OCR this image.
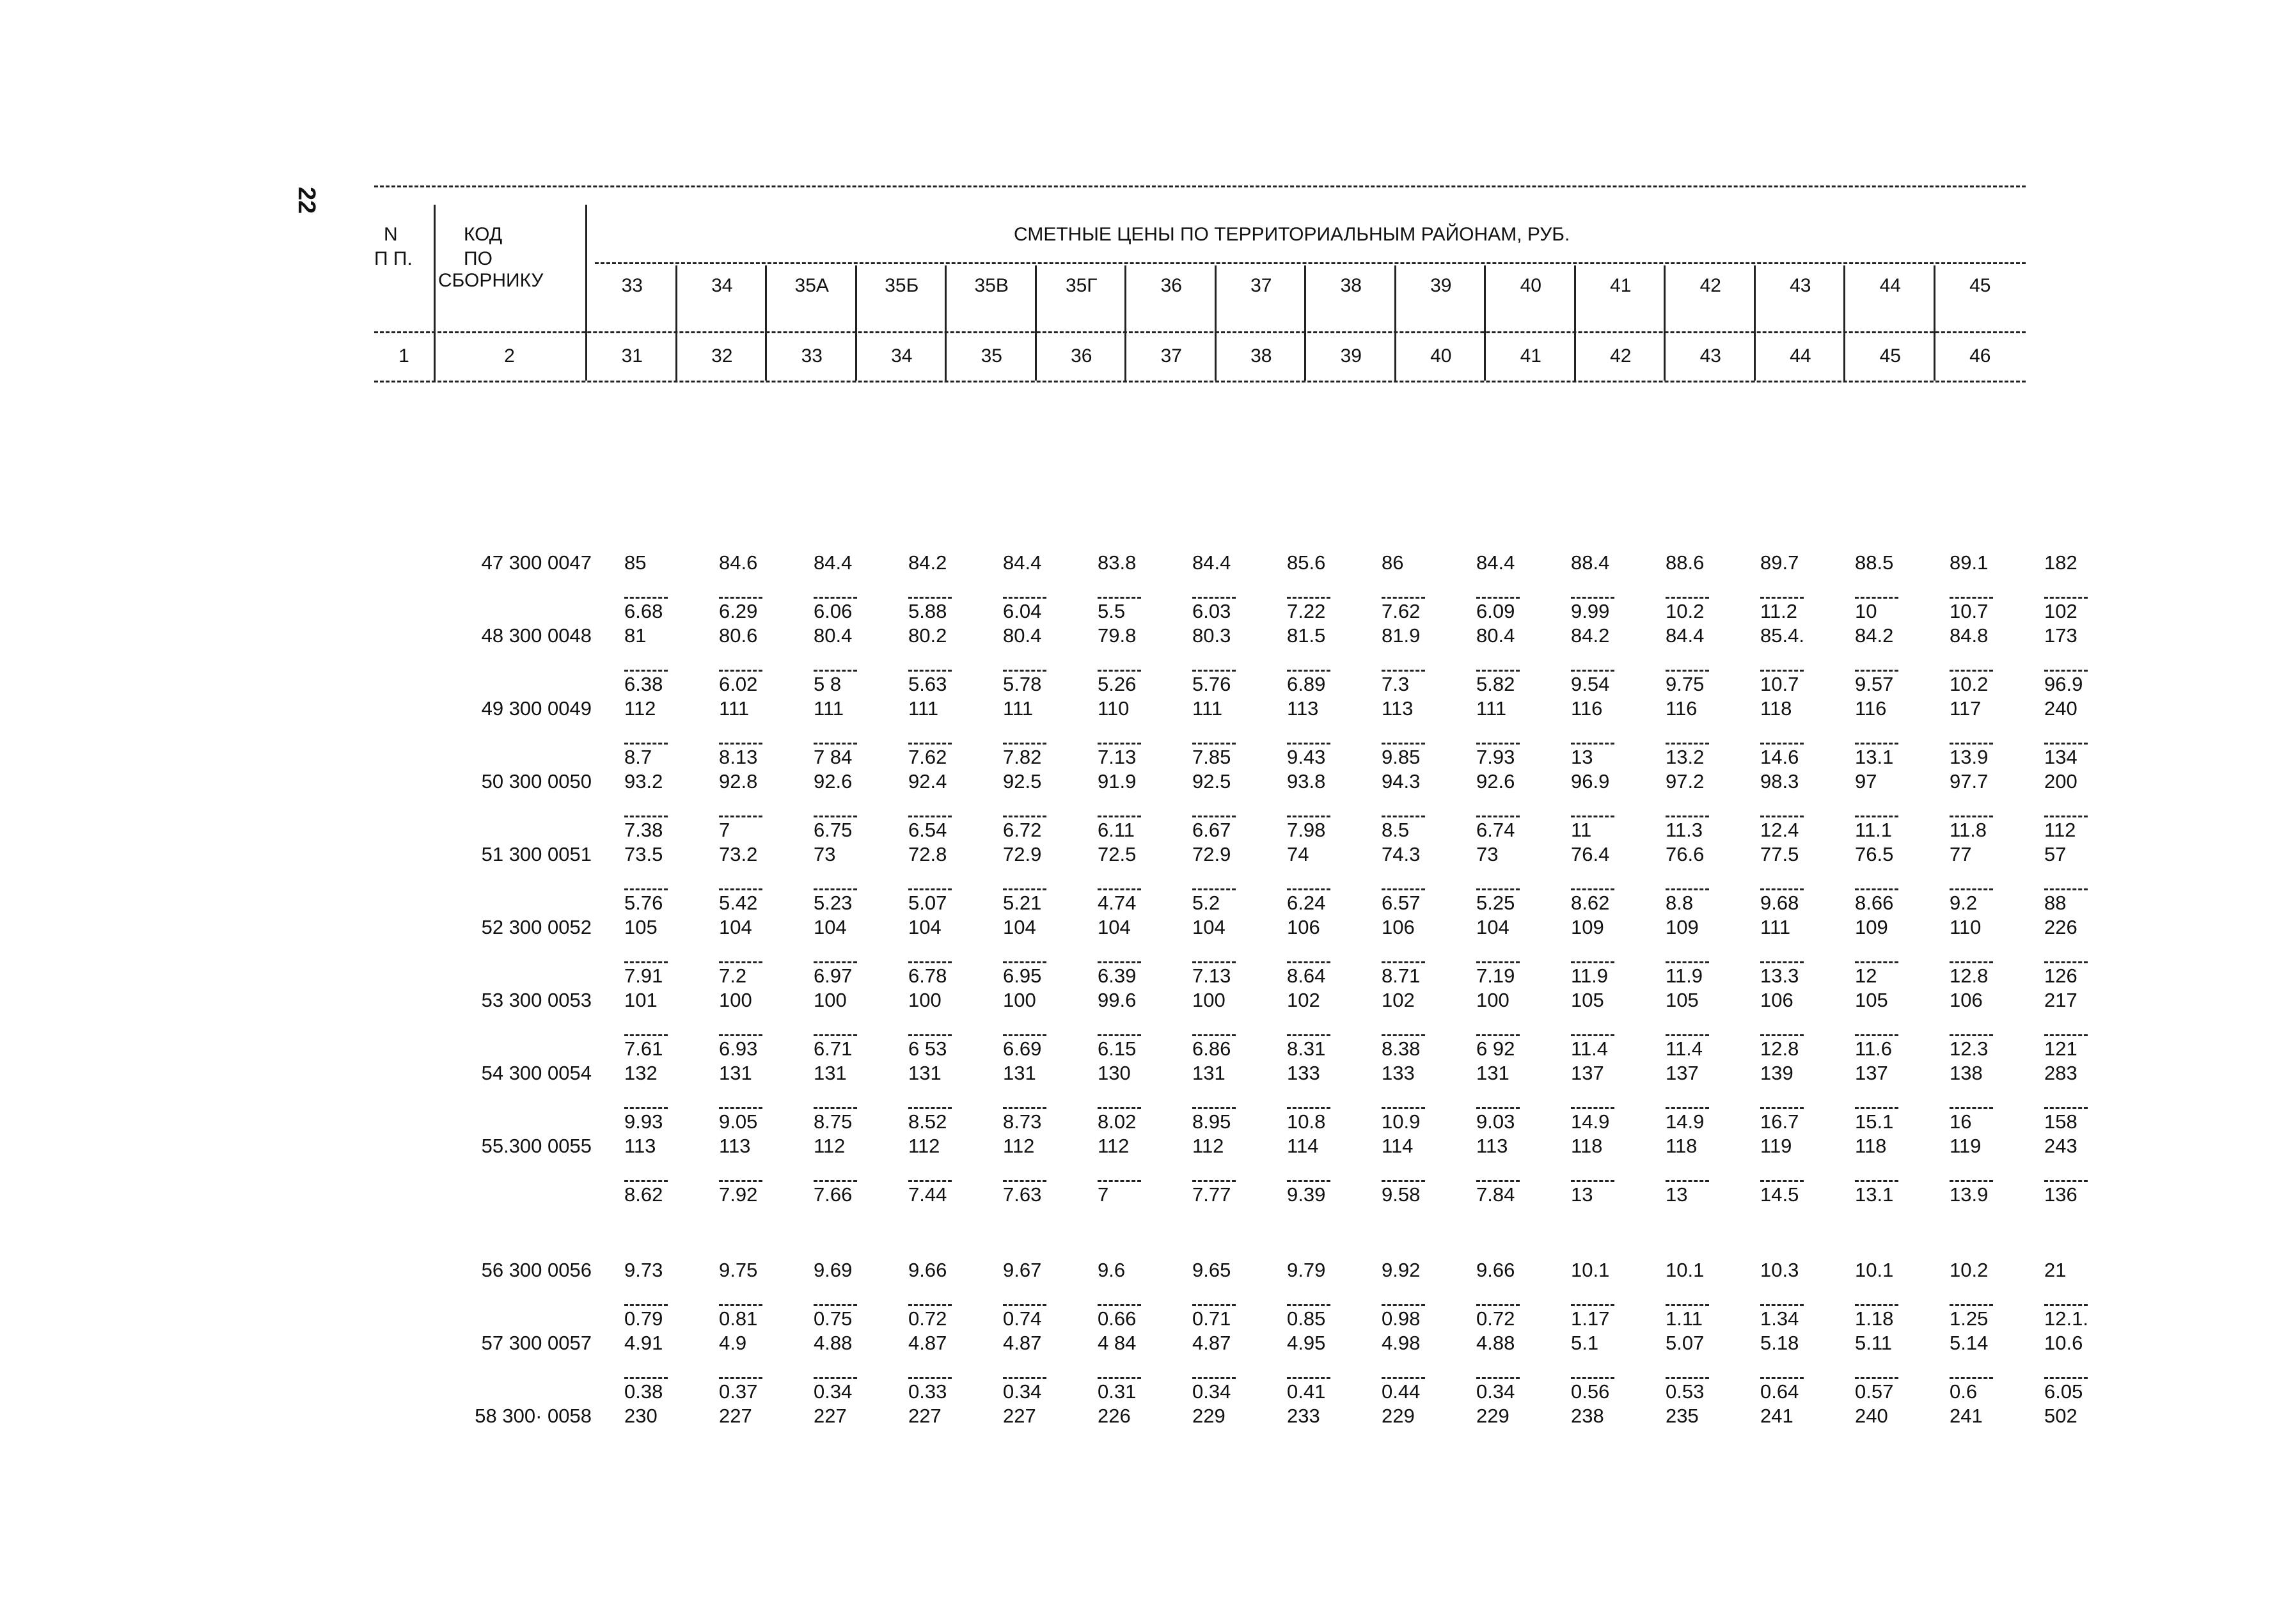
22
N
П П.
КОД
ПО
СБОРНИКУ
СМЕТНЫЕ ЦЕНЫ ПО ТЕРРИТОРИАЛЬНЫМ РАЙОНАМ, РУБ.
33	34	35А	35Б	35В	35Г	36	37	38	39	40	41	42	43	44	45
1	2	31	32	33	34	35	36	37	38	39	40	41	42	43	44	45	46
47 300 0047	85	84.6	84.4	84.2	84.4	83.8	84.4	85.6	86	84.4	88.4	88.6	89.7	88.5	89.1	182

	6.68	6.29	6.06	5.88	6.04	5.5	6.03	7.22	7.62	6.09	9.99	10.2	11.2	10	10.7	102
48 300 0048	81	80.6	80.4	80.2	80.4	79.8	80.3	81.5	81.9	80.4	84.2	84.4	85.4.	84.2	84.8	173

	6.38	6.02	5 8	5.63	5.78	5.26	5.76	6.89	7.3	5.82	9.54	9.75	10.7	9.57	10.2	96.9
49 300 0049	112	111	111	111	111	110	111	113	113	111	116	116	118	116	117	240

	8.7	8.13	7 84	7.62	7.82	7.13	7.85	9.43	9.85	7.93	13	13.2	14.6	13.1	13.9	134
50 300 0050	93.2	92.8	92.6	92.4	92.5	91.9	92.5	93.8	94.3	92.6	96.9	97.2	98.3	97	97.7	200

	7.38	7	6.75	6.54	6.72	6.11	6.67	7.98	8.5	6.74	11	11.3	12.4	11.1	11.8	112
51 300 0051	73.5	73.2	73	72.8	72.9	72.5	72.9	74	74.3	73	76.4	76.6	77.5	76.5	77	57

	5.76	5.42	5.23	5.07	5.21	4.74	5.2	6.24	6.57	5.25	8.62	8.8	9.68	8.66	9.2	88
52 300 0052	105	104	104	104	104	104	104	106	106	104	109	109	111	109	110	226

	7.91	7.2	6.97	6.78	6.95	6.39	7.13	8.64	8.71	7.19	11.9	11.9	13.3	12	12.8	126
53 300 0053	101	100	100	100	100	99.6	100	102	102	100	105	105	106	105	106	217

	7.61	6.93	6.71	6 53	6.69	6.15	6.86	8.31	8.38	6 92	11.4	11.4	12.8	11.6	12.3	121
54 300 0054	132	131	131	131	131	130	131	133	133	131	137	137	139	137	138	283

	9.93	9.05	8.75	8.52	8.73	8.02	8.95	10.8	10.9	9.03	14.9	14.9	16.7	15.1	16	158
55.300 0055	113	113	112	112	112	112	112	114	114	113	118	118	119	118	119	243

	8.62	7.92	7.66	7.44	7.63	7	7.77	9.39	9.58	7.84	13	13	14.5	13.1	13.9	136

56 300 0056	9.73	9.75	9.69	9.66	9.67	9.6	9.65	9.79	9.92	9.66	10.1	10.1	10.3	10.1	10.2	21

	0.79	0.81	0.75	0.72	0.74	0.66	0.71	0.85	0.98	0.72	1.17	1.11	1.34	1.18	1.25	12.1.
57 300 0057	4.91	4.9	4.88	4.87	4.87	4 84	4.87	4.95	4.98	4.88	5.1	5.07	5.18	5.11	5.14	10.6

	0.38	0.37	0.34	0.33	0.34	0.31	0.34	0.41	0.44	0.34	0.56	0.53	0.64	0.57	0.6	6.05
58 300· 0058	230	227	227	227	227	226	229	233	229	229	238	235	241	240	241	502
